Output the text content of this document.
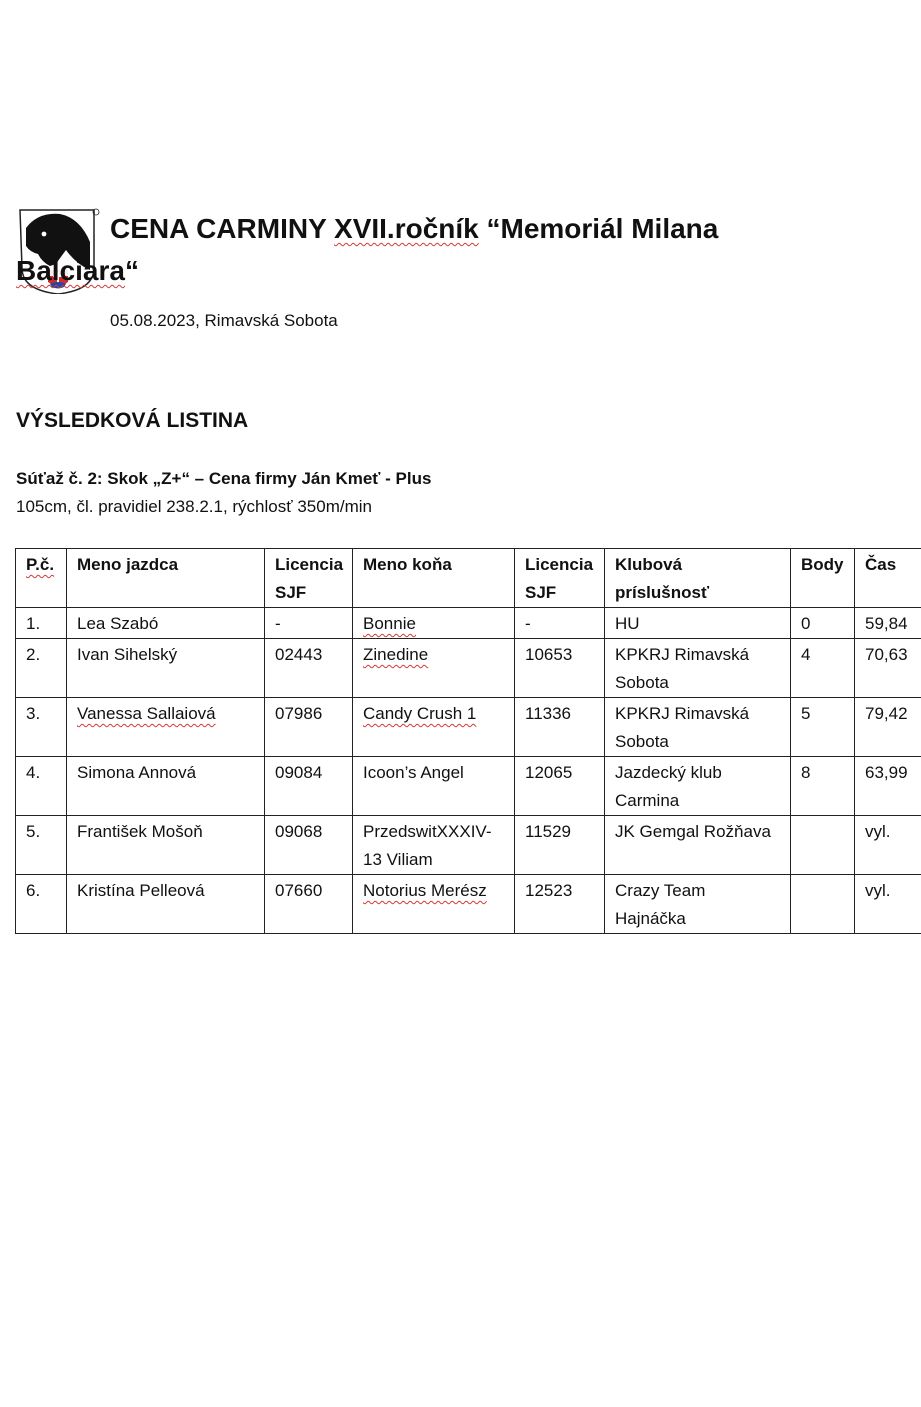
CENA CARMINY XVII.ročník “Memoriál Milana
Balciara“
05.08.2023, Rimavská Sobota
VÝSLEDKOVÁ LISTINA
Súťaž č. 2: Skok „Z+“ – Cena firmy Ján Kmeť - Plus
105cm, čl. pravidiel 238.2.1, rýchlosť 350m/min
P.č.	Meno jazdca	Licencia SJF	Meno koňa	Licencia SJF	Klubová príslušnosť	Body	Čas
1.	Lea Szabó	-	Bonnie	-	HU	0	59,84
2.	Ivan Sihelský	02443	Zinedine	10653	KPKRJ Rimavská Sobota	4	70,63
3.	Vanessa Sallaiová	07986	Candy Crush 1	11336	KPKRJ Rimavská Sobota	5	79,42
4.	Simona Annová	09084	Icoon’s Angel	12065	Jazdecký klub Carmina	8	63,99
5.	František Mošoň	09068	PrzedswitXXXIV-13 Viliam	11529	JK Gemgal Rožňava		vyl.
6.	Kristína Pelleová	07660	Notorius Merész	12523	Crazy Team Hajnáčka		vyl.
